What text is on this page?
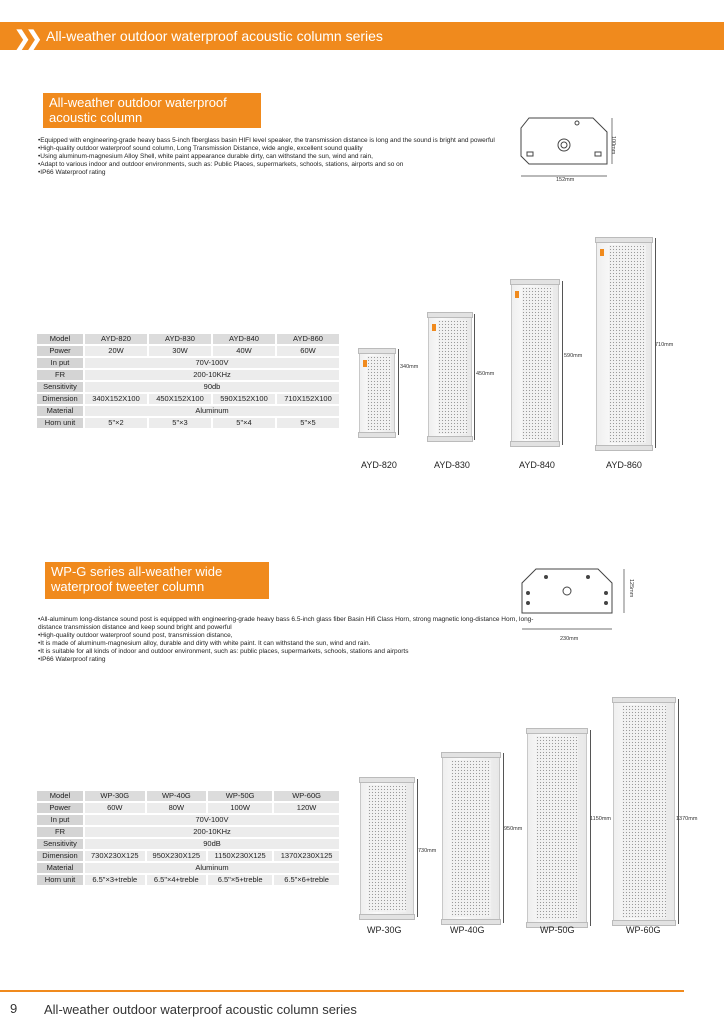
❯❯ All-weather outdoor waterproof acoustic column series
All-weather outdoor waterproof acoustic column
• Equipped with engineering-grade heavy bass 5-inch fiberglass basin HIFI level speaker, the transmission distance is long and the sound is bright and powerful
• High-quality outdoor waterproof sound column, Long Transmission Distance, wide angle, excellent sound quality
• Using aluminum-magnesium Alloy Shell, white paint appearance durable dirty, can withstand the sun, wind and rain,
• Adapt to various indoor and outdoor environments, such as: Public Places, supermarkets, schools, stations, airports and so on
• IP66 Waterproof rating
100mm
152mm
Model	AYD-820	AYD-830	AYD-840	AYD-860
Power	20W	30W	40W	60W
In put	70V-100V			
FR	200-10KHz			
Sensitivity	90db			
Dimension	340X152X100	450X152X100	590X152X100	710X152X100
Material	Aluminum			
Horn unit	5"×2	5"×3	5"×4	5"×5
340mm
450mm
590mm
710mm
AYD-820	AYD-830	AYD-840	AYD-860
WP-G series all-weather wide waterproof tweeter column
• All-aluminum long-distance sound post is equipped with engineering-grade heavy bass 6.5-inch glass fiber Basin Hifi Class Horn, strong magnetic long-distance Horn, long-distance transmission distance and keep sound bright and powerful
• High-quality outdoor waterproof sound post, transmission distance,
• It is made of aluminum-magnesium alloy, durable and dirty with white paint. It can withstand the sun, wind and rain.
• It is suitable for all kinds of indoor and outdoor environment, such as: public places, supermarkets, schools, stations and airports
• IP66 Waterproof rating
125mm
230mm
Model	WP-30G	WP-40G	WP-50G	WP-60G
Power	60W	80W	100W	120W
In put	70V-100V			
FR	200-10KHz			
Sensitivity	90dB			
Dimension	730X230X125	950X230X125	1150X230X125	1370X230X125
Material	Aluminum			
Horn unit	6.5"×3+treble	6.5"×4+treble	6.5"×5+treble	6.5"×6+treble
730mm
950mm
1150mm	1370mm
WP-30G	WP-40G	WP-50G	WP-60G
9 All-weather outdoor waterproof acoustic column series
